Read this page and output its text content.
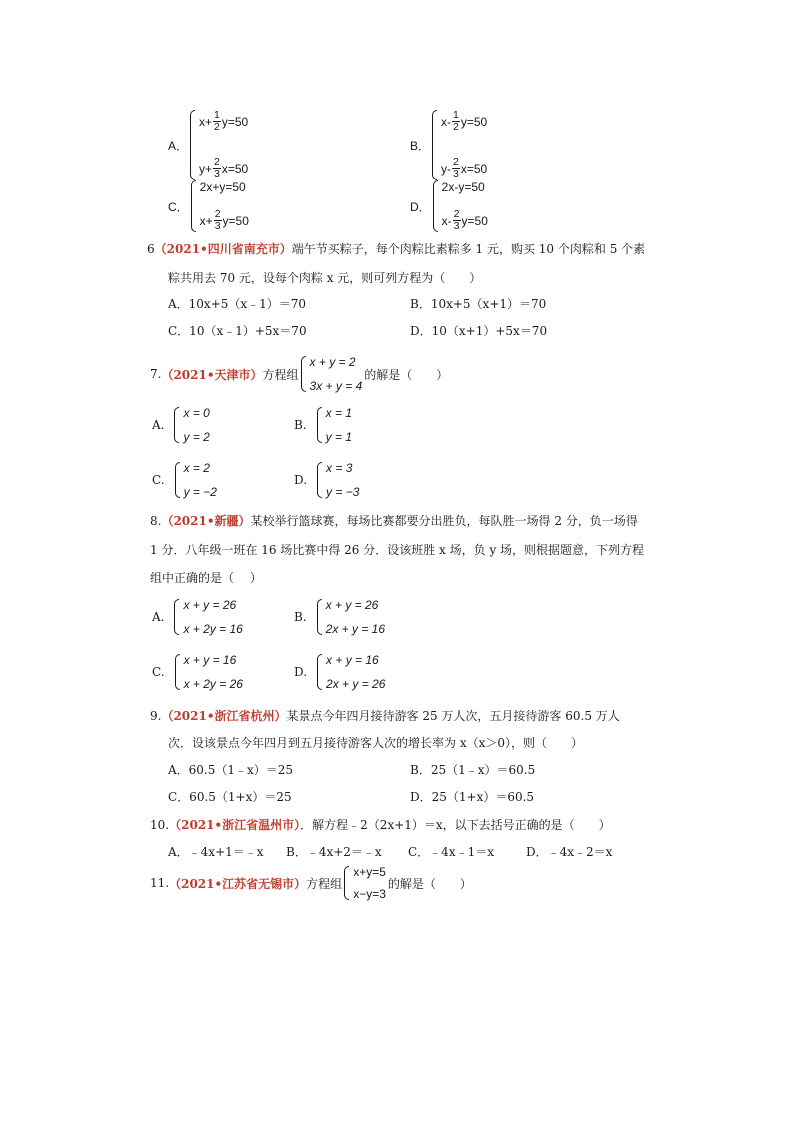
A．
$x+ \frac{1}{2} y=50$
$y+ \frac{2}{3} x=50$
B．
$x- \frac{1}{2} y=50$
$y- \frac{2}{3} x=50$
C．
2x+y=50
$x+ \frac{2}{3} y=50$
D．
2x-y=50
$x- \frac{2}{3} y=50$
6（2021•四川省南充市）端午节买粽子，每个肉粽比素粽多 1 元，购买 10 个肉粽和 5 个素
粽共用去 70 元，设每个肉粽 x 元，则可列方程为（　　）
A．10x+5（x﹣1）＝70	B．10x+5（x+1）＝70
C．10（x﹣1）+5x＝70	D．10（x+1）+5x＝70
7. （2021•天津市） 方程组
x + y = 2
3x + y = 4
的解是（　　）
A.
x = 0
y = 2
B.
x = 1
y = 1
C.
x = 2
y = −2
D.
x = 3
y = −3
8.（2021•新疆）某校举行篮球赛，每场比赛都要分出胜负，每队胜一场得 2 分，负一场得
1 分．八年级一班在 16 场比赛中得 26 分．设该班胜 x 场，负 y 场，则根据题意，下列方程
组中正确的是（　 ）
A.
x + y = 26
x + 2y = 16
B.
x + y = 26
2x + y = 16
C.
x + y = 16
x + 2y = 26
D.
x + y = 16
2x + y = 26
9.（2021•浙江省杭州）某景点今年四月接待游客 25 万人次，五月接待游客 60.5 万人
次．设该景点今年四月到五月接待游客人次的增长率为 x（x＞0），则（　　）
A．60.5（1﹣x）＝25	B．25（1﹣x）＝60.5
C．60.5（1+x）＝25	D．25（1+x）＝60.5
10.（2021•浙江省温州市）．解方程﹣2（2x+1）＝x，以下去括号正确的是（　　）
A．﹣4x+1＝﹣x B．﹣4x+2＝﹣x C．﹣4x﹣1＝x	D．﹣4x﹣2＝x
11. （2021•江苏省无锡市） 方程组
x+y=5
x−y=3
的解是（　　）
